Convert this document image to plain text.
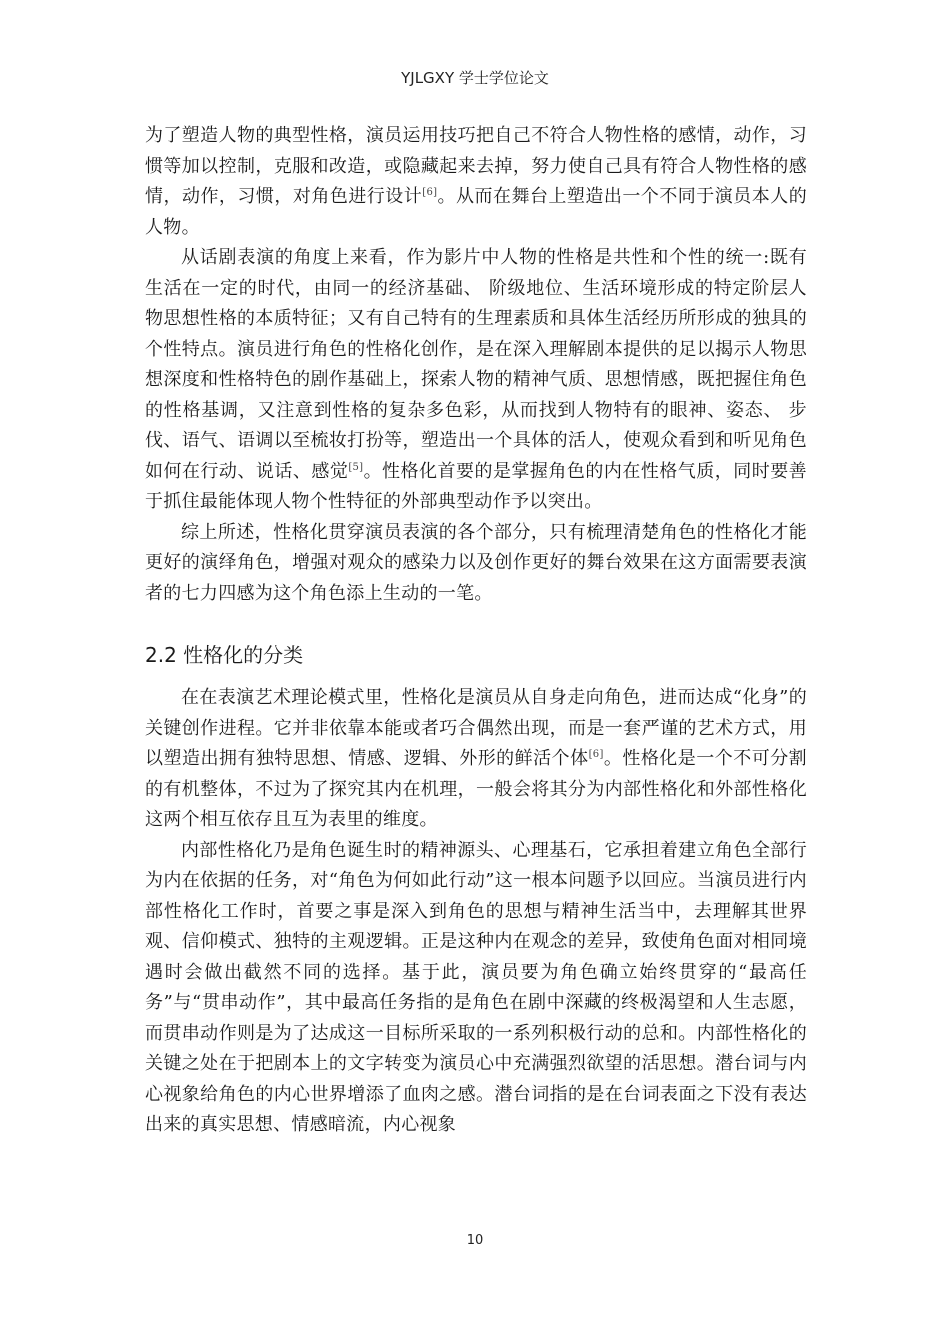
YJLGXY 学士学位论文

为了塑造人物的典型性格，演员运用技巧把自己不符合人物性格的感情，动作，习惯等加以控制，克服和改造，或隐藏起来去掉，努力使自己具有符合人物性格的感情，动作，习惯，对角色进行设计[6]。从而在舞台上塑造出一个不同于演员本人的人物。

从话剧表演的角度上来看，作为影片中人物的性格是共性和个性的统一:既有生活在一定的时代，由同一的经济基础、 阶级地位、生活环境形成的特定阶层人物思想性格的本质特征；又有自己特有的生理素质和具体生活经历所形成的独具的个性特点。演员进行角色的性格化创作，是在深入理解剧本提供的足以揭示人物思想深度和性格特色的剧作基础上，探索人物的精神气质、思想情感，既把握住角色的性格基调，又注意到性格的复杂多色彩，从而找到人物特有的眼神、姿态、 步伐、语气、语调以至梳妆打扮等，塑造出一个具体的活人，使观众看到和听见角色如何在行动、说话、感觉[5]。性格化首要的是掌握角色的内在性格气质，同时要善于抓住最能体现人物个性特征的外部典型动作予以突出。

综上所述，性格化贯穿演员表演的各个部分，只有梳理清楚角色的性格化才能更好的演绎角色，增强对观众的感染力以及创作更好的舞台效果在这方面需要表演者的七力四感为这个角色添上生动的一笔。

2.2 性格化的分类

在在表演艺术理论模式里，性格化是演员从自身走向角色，进而达成“化身”的关键创作进程。它并非依靠本能或者巧合偶然出现，而是一套严谨的艺术方式，用以塑造出拥有独特思想、情感、逻辑、外形的鲜活个体[6]。性格化是一个不可分割的有机整体，不过为了探究其内在机理，一般会将其分为内部性格化和外部性格化这两个相互依存且互为表里的维度。

内部性格化乃是角色诞生时的精神源头、心理基石，它承担着建立角色全部行为内在依据的任务，对“角色为何如此行动”这一根本问题予以回应。当演员进行内部性格化工作时，首要之事是深入到角色的思想与精神生活当中，去理解其世界观、信仰模式、独特的主观逻辑。正是这种内在观念的差异，致使角色面对相同境遇时会做出截然不同的选择。基于此，演员要为角色确立始终贯穿的“最高任务”与“贯串动作”，其中最高任务指的是角色在剧中深藏的终极渴望和人生志愿，而贯串动作则是为了达成这一目标所采取的一系列积极行动的总和。内部性格化的关键之处在于把剧本上的文字转变为演员心中充满强烈欲望的活思想。潜台词与内心视象给角色的内心世界增添了血肉之感。潜台词指的是在台词表面之下没有表达出来的真实思想、情感暗流，内心视象

10
